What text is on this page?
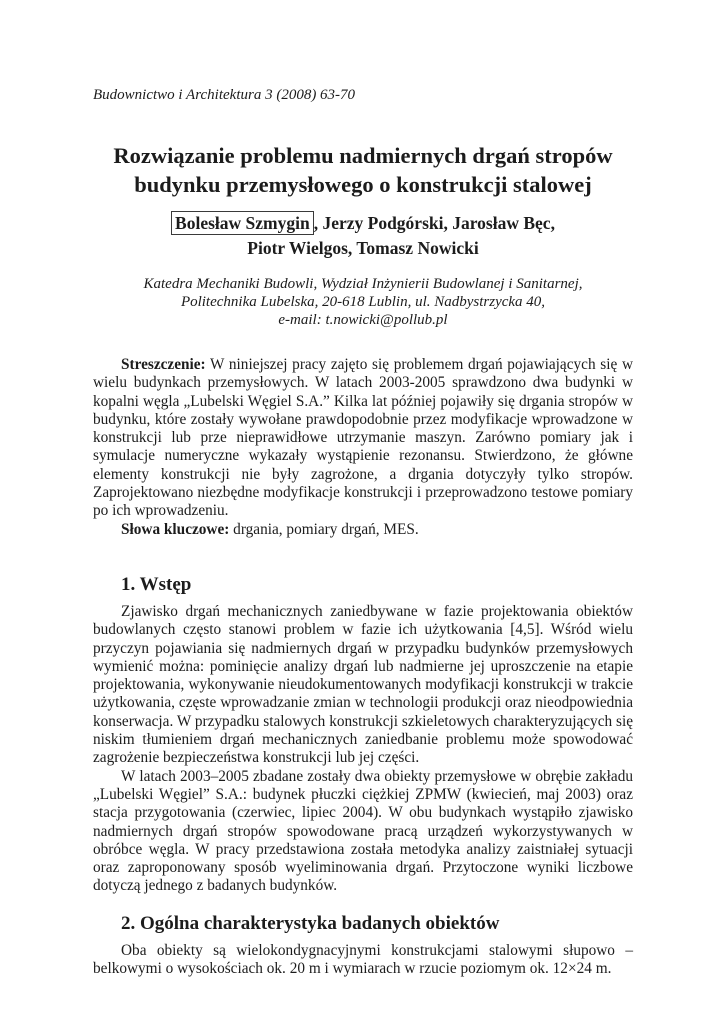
Budownictwo i Architektura 3 (2008) 63-70
Rozwiązanie problemu nadmiernych drgań stropów budynku przemysłowego o konstrukcji stalowej
Bolesław Szmygin , Jerzy Podgórski, Jarosław Bęc,
Piotr Wielgos, Tomasz Nowicki
Katedra Mechaniki Budowli, Wydział Inżynierii Budowlanej i Sanitarnej,
Politechnika Lubelska, 20-618 Lublin, ul. Nadbystrzycka 40,
e-mail: t.nowicki@pollub.pl

Streszczenie: W niniejszej pracy zajęto się problemem drgań pojawiających się w wielu budynkach przemysłowych. W latach 2003-2005 sprawdzono dwa budynki w kopalni węgla „Lubelski Węgiel S.A.” Kilka lat później pojawiły się drgania stropów w budynku, które zostały wywołane prawdopodobnie przez modyfikacje wprowadzone w konstrukcji lub prze nieprawidłowe utrzymanie maszyn. Zarówno pomiary jak i symulacje numeryczne wykazały wystąpienie rezonansu. Stwierdzono, że główne elementy konstrukcji nie były zagrożone, a drgania dotyczyły tylko stropów. Zaprojektowano niezbędne modyfikacje konstrukcji i przeprowadzono testowe pomiary po ich wprowadzeniu.

Słowa kluczowe: drgania, pomiary drgań, MES.

1. Wstęp

Zjawisko drgań mechanicznych zaniedbywane w fazie projektowania obiektów budowlanych często stanowi problem w fazie ich użytkowania [4,5]. Wśród wielu przyczyn pojawiania się nadmiernych drgań w przypadku budynków przemysłowych wymienić można: pominięcie analizy drgań lub nadmierne jej uproszczenie na etapie projektowania, wykonywanie nieudokumentowanych modyfikacji konstrukcji w trakcie użytkowania, częste wprowadzanie zmian w technologii produkcji oraz nieodpowiednia konserwacja. W przypadku stalowych konstrukcji szkieletowych charakteryzujących się niskim tłumieniem drgań mechanicznych zaniedbanie problemu może spowodować zagrożenie bezpieczeństwa konstrukcji lub jej części.

W latach 2003–2005 zbadane zostały dwa obiekty przemysłowe w obrębie zakładu „Lubelski Węgiel” S.A.: budynek płuczki ciężkiej ZPMW (kwiecień, maj 2003) oraz stacja przygotowania (czerwiec, lipiec 2004). W obu budynkach wystąpiło zjawisko nadmiernych drgań stropów spowodowane pracą urządzeń wykorzystywanych w obróbce węgla. W pracy przedstawiona została metodyka analizy zaistniałej sytuacji oraz zaproponowany sposób wyeliminowania drgań. Przytoczone wyniki liczbowe dotyczą jednego z badanych budynków.

2. Ogólna charakterystyka badanych obiektów

Oba obiekty są wielokondygnacyjnymi konstrukcjami stalowymi słupowo – belkowymi o wysokościach ok. 20 m i wymiarach w rzucie poziomym ok. 12×24 m.
